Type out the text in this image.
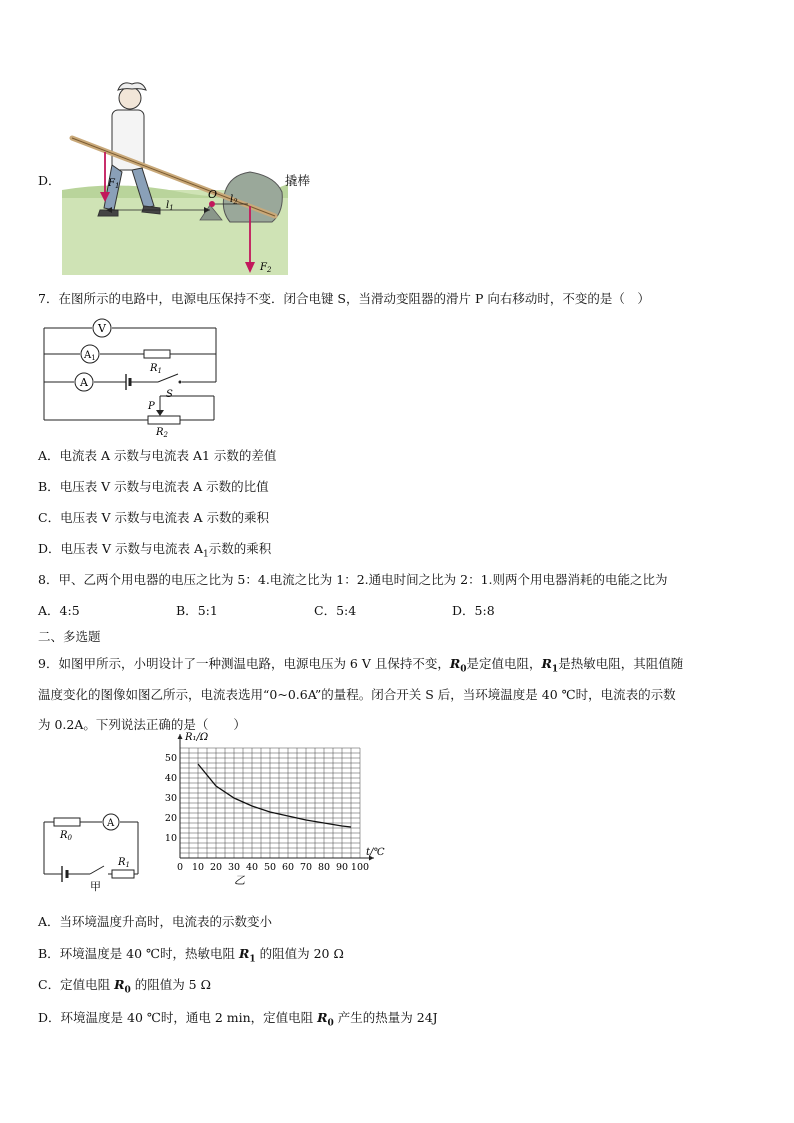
D．	$F_1$
$l_1$
O $l_2$
$F_2$
撬棒
7．在图所示的电路中，电源电压保持不变．闭合电键 S，当滑动变阻器的滑片 P 向右移动时，不变的是（　）
V
$A_1$
A
$R_1$
S
P
$R_2$
A．电流表 A 示数与电流表 A1 示数的差值
B．电压表 V 示数与电流表 A 示数的比值
C．电压表 V 示数与电流表 A 示数的乘积
D．电压表 V 示数与电流表 $A_1$示数的乘积
8．甲、乙两个用电器的电压之比为 5：4.电流之比为 1：2.通电时间之比为 2：1.则两个用电器消耗的电能之比为
A．4:5	B．5:1	C．5:4	D．5:8
二、多选题
9．如图甲所示，小明设计了一种测温电路，电源电压为 6 V 且保持不变，$R_0$是定值电阻，$R_1$是热敏电阻，其阻值随
温度变化的图像如图乙所示，电流表选用“0~0.6A”的量程。闭合开关 S 后，当环境温度是 40 ℃时，电流表的示数
为 0.2A。下列说法正确的是（　　）
A
$R_0$
$R_1$
甲
0 10 20 30 40 50 60 70 80 90 100
10
20
30
40
50
R₁/Ω
t/℃
乙
A．当环境温度升高时，电流表的示数变小
B．环境温度是 40 ℃时，热敏电阻 $R_1$ 的阻值为 20 Ω
C．定值电阻 $R_0$ 的阻值为 5 Ω
D．环境温度是 40 ℃时，通电 2 min，定值电阻 $R_0$ 产生的热量为 24J
